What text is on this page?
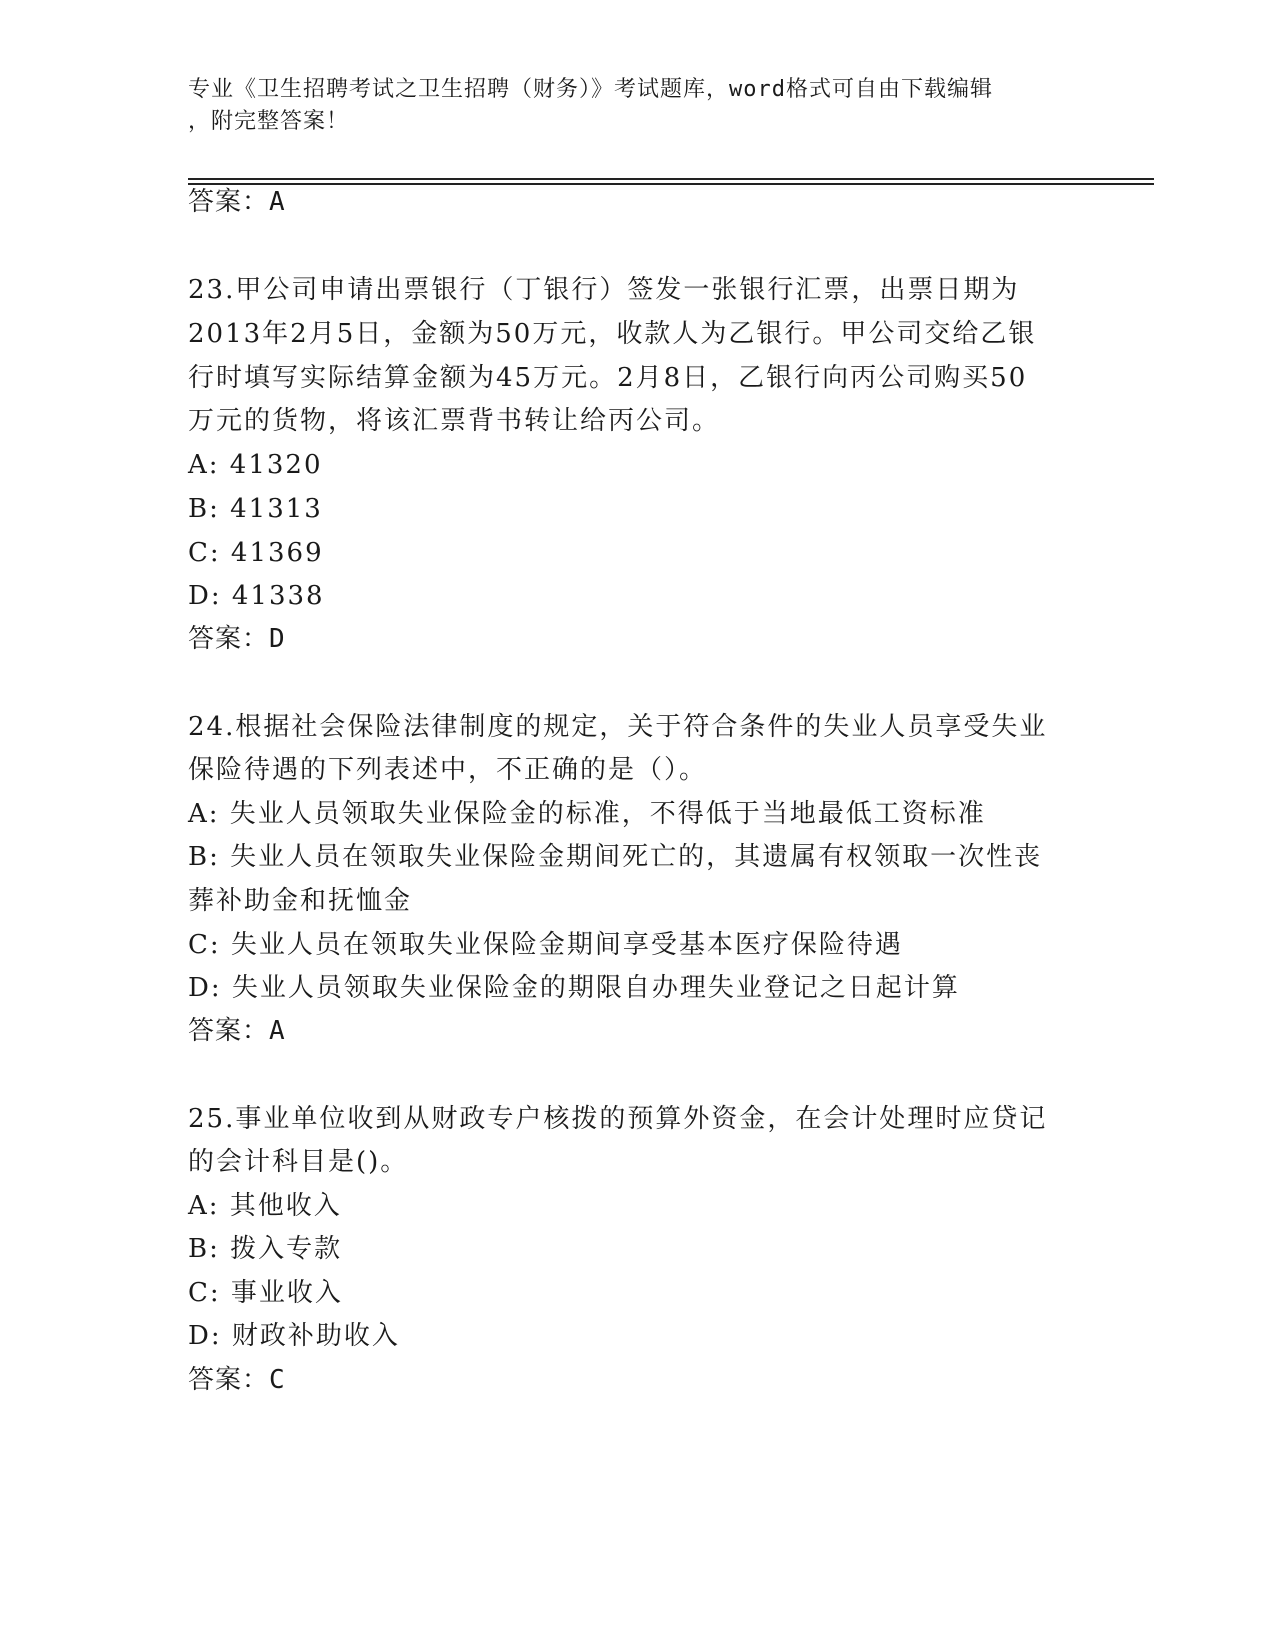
专业《卫生招聘考试之卫生招聘（财务）》考试题库，word格式可自由下载编辑
，附完整答案！
答案：A
23.甲公司申请出票银行（丁银行）签发一张银行汇票，出票日期为
2013年2月5日，金额为50万元，收款人为乙银行。甲公司交给乙银
行时填写实际结算金额为45万元。2月8日，乙银行向丙公司购买50
万元的货物，将该汇票背书转让给丙公司。
A: 41320
B: 41313
C: 41369
D: 41338
答案：D
24.根据社会保险法律制度的规定，关于符合条件的失业人员享受失业
保险待遇的下列表述中，不正确的是（）。
A: 失业人员领取失业保险金的标准，不得低于当地最低工资标准
B: 失业人员在领取失业保险金期间死亡的，其遗属有权领取一次性丧
葬补助金和抚恤金
C: 失业人员在领取失业保险金期间享受基本医疗保险待遇
D: 失业人员领取失业保险金的期限自办理失业登记之日起计算
答案：A
25.事业单位收到从财政专户核拨的预算外资金，在会计处理时应贷记
的会计科目是()。
A: 其他收入
B: 拨入专款
C: 事业收入
D: 财政补助收入
答案：C
